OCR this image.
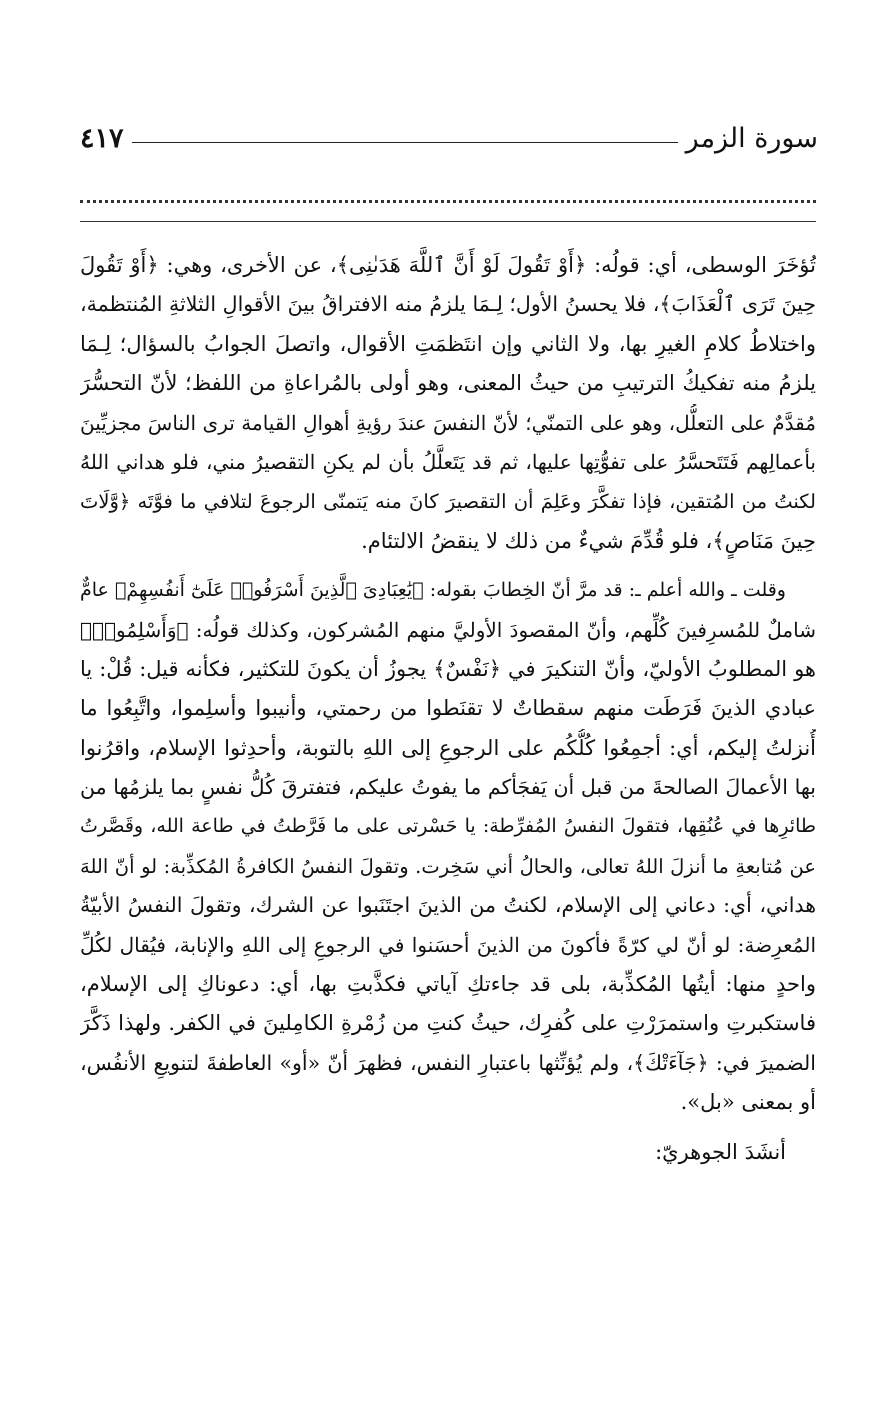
سورة الزمر
٤١٧
تُؤخَرَ الوسطى، أي: قولُه: ﴿أَوْ تَقُولَ لَوْ أَنَّ ٱللَّهَ هَدَىٰنِى﴾، عن الأخرى، وهي: ﴿أَوْ تَقُولَ
حِينَ تَرَى ٱلْعَذَابَ﴾، فلا يحسنُ الأول؛ لِـمَا يلزمُ منه الافتراقُ بينَ الأقوالِ الثلاثةِ المُنتظمة،
واختلاطُ كلامِ الغيرِ بها، ولا الثاني وإن انتَظمَتِ الأقوال، واتصلَ الجوابُ بالسؤال؛ لِـمَا
يلزمُ منه تفكيكُ الترتيبِ من حيثُ المعنى، وهو أولى بالمُراعاةِ من اللفظ؛ لأنّ التحسُّرَ
مُقدَّمٌ على التعلُّل، وهو على التمنّي؛ لأنّ النفسَ عندَ رؤيةِ أهوالِ القيامة ترى الناسَ مجزيِّينَ
بأعمالِهم فَتَتَحسَّرُ على تفوُّتِها عليها، ثم قد يَتَعلَّلُ بأن لم يكنِ التقصيرُ مني، فلو هداني اللهُ
لكنتُ من المُتقين، فإذا تفكَّرَ وعَلِمَ أن التقصيرَ كانَ منه يَتمنّى الرجوعَ لتلافي ما فوَّتَه ﴿وَّلَاتَ
حِينَ مَنَاصٍ﴾، فلو قُدِّمَ شيءٌ من ذلك لا ينقضُ الالتئام.
وقلت ـ والله أعلم ـ: قد مرَّ أنّ الخِطابَ بقوله: ﴿يَٰعِبَادِىَ ٱلَّذِينَ أَسْرَفُوا۟ عَلَىٰٓ أَنفُسِهِمْ﴾ عامٌّ
شاملٌ للمُسرِفينَ كُلِّهم، وأنّ المقصودَ الأوليَّ منهم المُشركون، وكذلك قولُه: ﴿وَأَسْلِمُوا۟﴾
هو المطلوبُ الأوليّ، وأنّ التنكيرَ في ﴿نَفْسٌ﴾ يجوزُ أن يكونَ للتكثير، فكأنه قيل: قُلْ: يا
عبادي الذينَ فَرَطَت منهم سقطاتٌ لا تقنَطوا من رحمتي، وأنيبوا وأسلِموا، واتَّبِعُوا ما
أُنزلتُ إليكم، أي: أجمِعُوا كُلُّكُم على الرجوعِ إلى اللهِ بالتوبة، وأحدِثوا الإسلام، واقرُنوا
بها الأعمالَ الصالحةَ من قبل أن يَفجَأكم ما يفوتُ عليكم، فتفترقَ كُلُّ نفسٍ بما يلزمُها من
طائرِها في عُنُقِها، فتقولَ النفسُ المُفرِّطة: يا حَسْرتى على ما فَرَّطتُ في طاعة الله، وقَصَّرتُ
عن مُتابعةِ ما أنزلَ اللهُ تعالى، والحالُ أني سَخِرت. وتقولَ النفسُ الكافرةُ المُكذِّبة: لو أنّ اللهَ
هداني، أي: دعاني إلى الإسلام، لكنتُ من الذينَ اجتَنَبوا عن الشرك، وتقولَ النفسُ الأبيّةُ
المُعرِضة: لو أنّ لي كرّةً فأكونَ من الذينَ أحسَنوا في الرجوعِ إلى اللهِ والإنابة، فيُقال لكُلِّ
واحدٍ منها: أيتُها المُكذِّبة، بلى قد جاءتكِ آياتي فكذَّبتِ بها، أي: دعوناكِ إلى الإسلام،
فاستكبرتِ واستمرَرْتِ على كُفرِك، حيثُ كنتِ من زُمْرةِ الكامِلينَ في الكفر. ولهذا ذَكَّرَ
الضميرَ في: ﴿جَآءَتْكَ﴾، ولم يُؤنِّثها باعتبارِ النفس، فظهرَ أنّ «أو» العاطفةَ لتنويعِ الأنفُس،
أو بمعنى «بل».
أنشَدَ الجوهريّ:
